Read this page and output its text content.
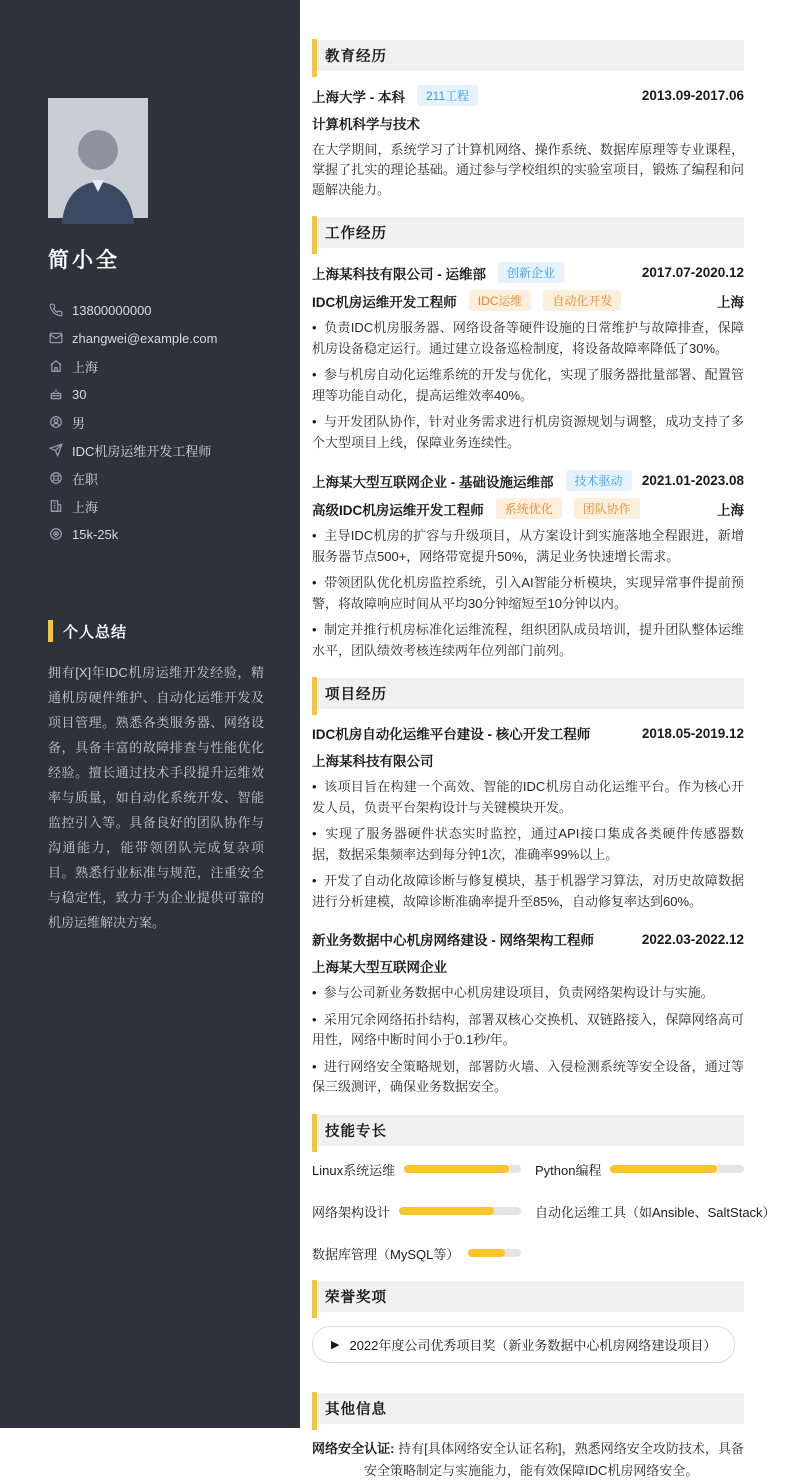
简小全
13800000000
zhangwei@example.com
上海
30
男
IDC机房运维开发工程师
在职
上海
15k-25k
个人总结

拥有[X]年IDC机房运维开发经验，精通机房硬件维护、自动化运维开发及项目管理。熟悉各类服务器、网络设备，具备丰富的故障排查与性能优化经验。擅长通过技术手段提升运维效率与质量，如自动化系统开发、智能监控引入等。具备良好的团队协作与沟通能力，能带领团队完成复杂项目。熟悉行业标准与规范，注重安全与稳定性，致力于为企业提供可靠的机房运维解决方案。

教育经历
上海大学 - 本科	211工程	2013.09-2017.06
计算机科学与技术

在大学期间，系统学习了计算机网络、操作系统、数据库原理等专业课程，掌握了扎实的理论基础。通过参与学校组织的实验室项目，锻炼了编程和问题解决能力。

工作经历
上海某科技有限公司 - 运维部	创新企业	2017.07-2020.12
IDC机房运维开发工程师	IDC运维	自动化开发	上海

•  负责IDC机房服务器、网络设备等硬件设施的日常维护与故障排查，保障机房设备稳定运行。通过建立设备巡检制度，将设备故障率降低了30%。

•  参与机房自动化运维系统的开发与优化，实现了服务器批量部署、配置管理等功能自动化，提高运维效率40%。

•  与开发团队协作，针对业务需求进行机房资源规划与调整，成功支持了多个大型项目上线，保障业务连续性。

上海某大型互联网企业 - 基础设施运维部	技术驱动	2021.01-2023.08
高级IDC机房运维开发工程师	系统优化	团队协作	上海

•  主导IDC机房的扩容与升级项目，从方案设计到实施落地全程跟进，新增服务器节点500+，网络带宽提升50%，满足业务快速增长需求。

•  带领团队优化机房监控系统，引入AI智能分析模块，实现异常事件提前预警，将故障响应时间从平均30分钟缩短至10分钟以内。

•  制定并推行机房标准化运维流程，组织团队成员培训，提升团队整体运维水平，团队绩效考核连续两年位列部门前列。

项目经历
IDC机房自动化运维平台建设 - 核心开发工程师	2018.05-2019.12
上海某科技有限公司

•  该项目旨在构建一个高效、智能的IDC机房自动化运维平台。作为核心开发人员，负责平台架构设计与关键模块开发。

•  实现了服务器硬件状态实时监控，通过API接口集成各类硬件传感器数据，数据采集频率达到每分钟1次，准确率99%以上。

•  开发了自动化故障诊断与修复模块，基于机器学习算法，对历史故障数据进行分析建模，故障诊断准确率提升至85%，自动修复率达到60%。

新业务数据中心机房网络建设 - 网络架构工程师	2022.03-2022.12
上海某大型互联网企业

•  参与公司新业务数据中心机房建设项目，负责网络架构设计与实施。

•  采用冗余网络拓扑结构，部署双核心交换机、双链路接入，保障网络高可用性，网络中断时间小于0.1秒/年。

•  进行网络安全策略规划，部署防火墙、入侵检测系统等安全设备，通过等保三级测评，确保业务数据安全。

技能专长
Linux系统运维	Python编程
网络架构设计	自动化运维工具（如Ansible、SaltStack）
数据库管理（MySQL等）
荣誉奖项
▶ 2022年度公司优秀项目奖（新业务数据中心机房网络建设项目）
其他信息

网络安全认证: 持有[具体网络安全认证名称]，熟悉网络安全攻防技术，具备安全策略制定与实施能力，能有效保障IDC机房网络安全。
